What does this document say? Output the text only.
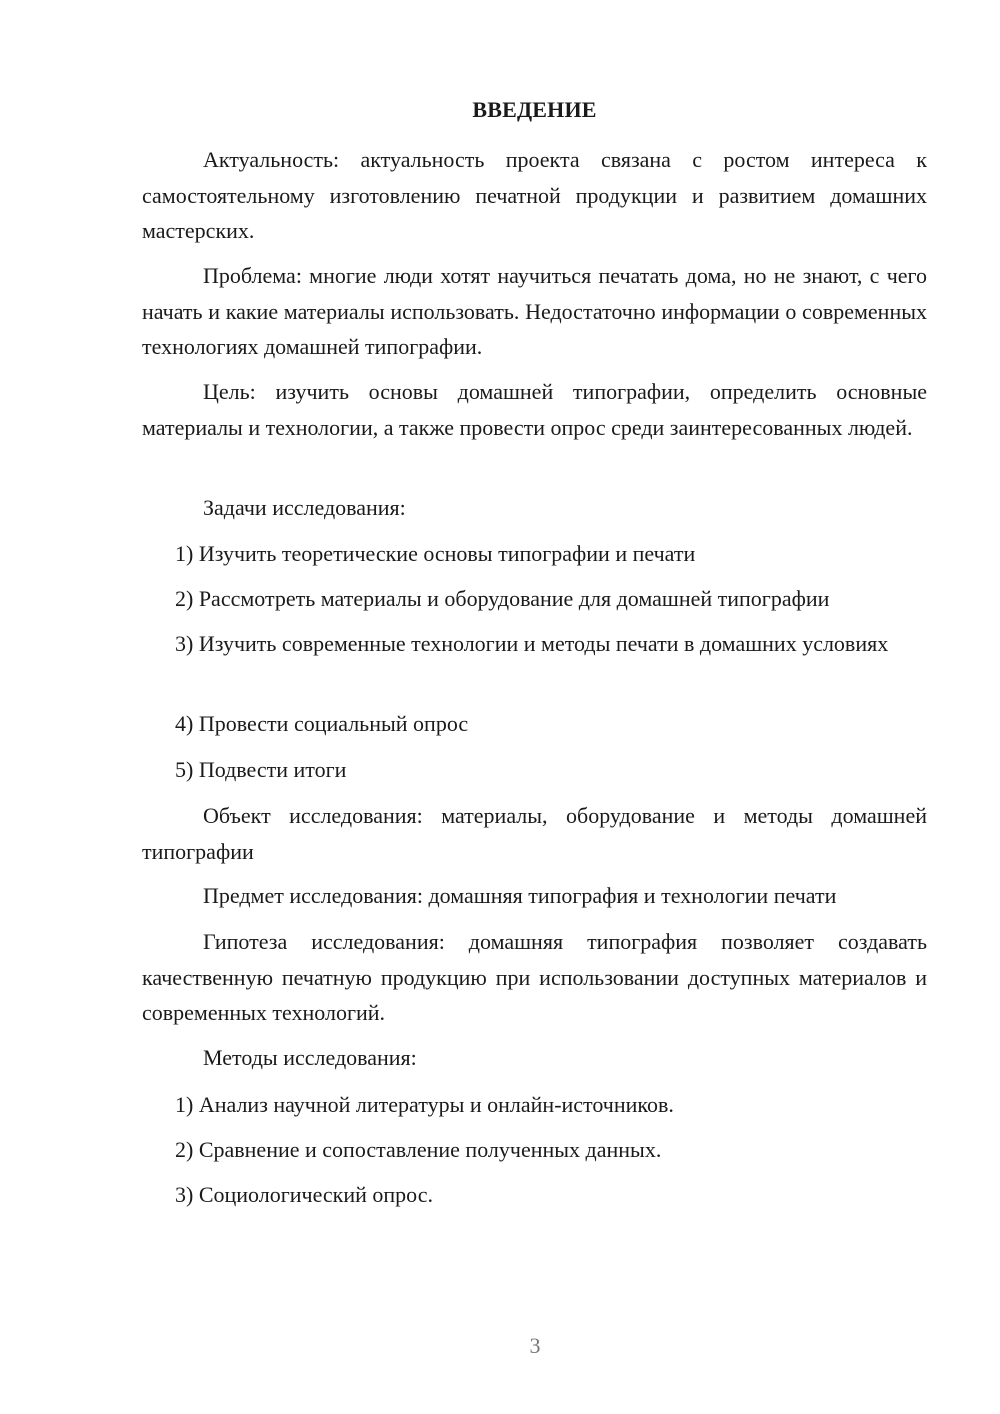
ВВЕДЕНИЕ

Актуальность: актуальность проекта связана с ростом интереса к самостоятельному изготовлению печатной продукции и развитием домашних мастерских.

Проблема: многие люди хотят научиться печатать дома, но не знают, с чего начать и какие материалы использовать. Недостаточно информации о современных технологиях домашней типографии.

Цель: изучить основы домашней типографии, определить основные материалы и технологии, а также провести опрос среди заинтересованных людей.

Задачи исследования:

1) Изучить теоретические основы типографии и печати

2) Рассмотреть материалы и оборудование для домашней типографии

3) Изучить современные технологии и методы печати в домашних условиях

4) Провести социальный опрос

5) Подвести итоги

Объект исследования: материалы, оборудование и методы домашней типографии

Предмет исследования: домашняя типография и технологии печати

Гипотеза исследования: домашняя типография позволяет создавать качественную печатную продукцию при использовании доступных материалов и современных технологий.

Методы исследования:

1) Анализ научной литературы и онлайн-источников.

2) Сравнение и сопоставление полученных данных.

3) Социологический опрос.

3
